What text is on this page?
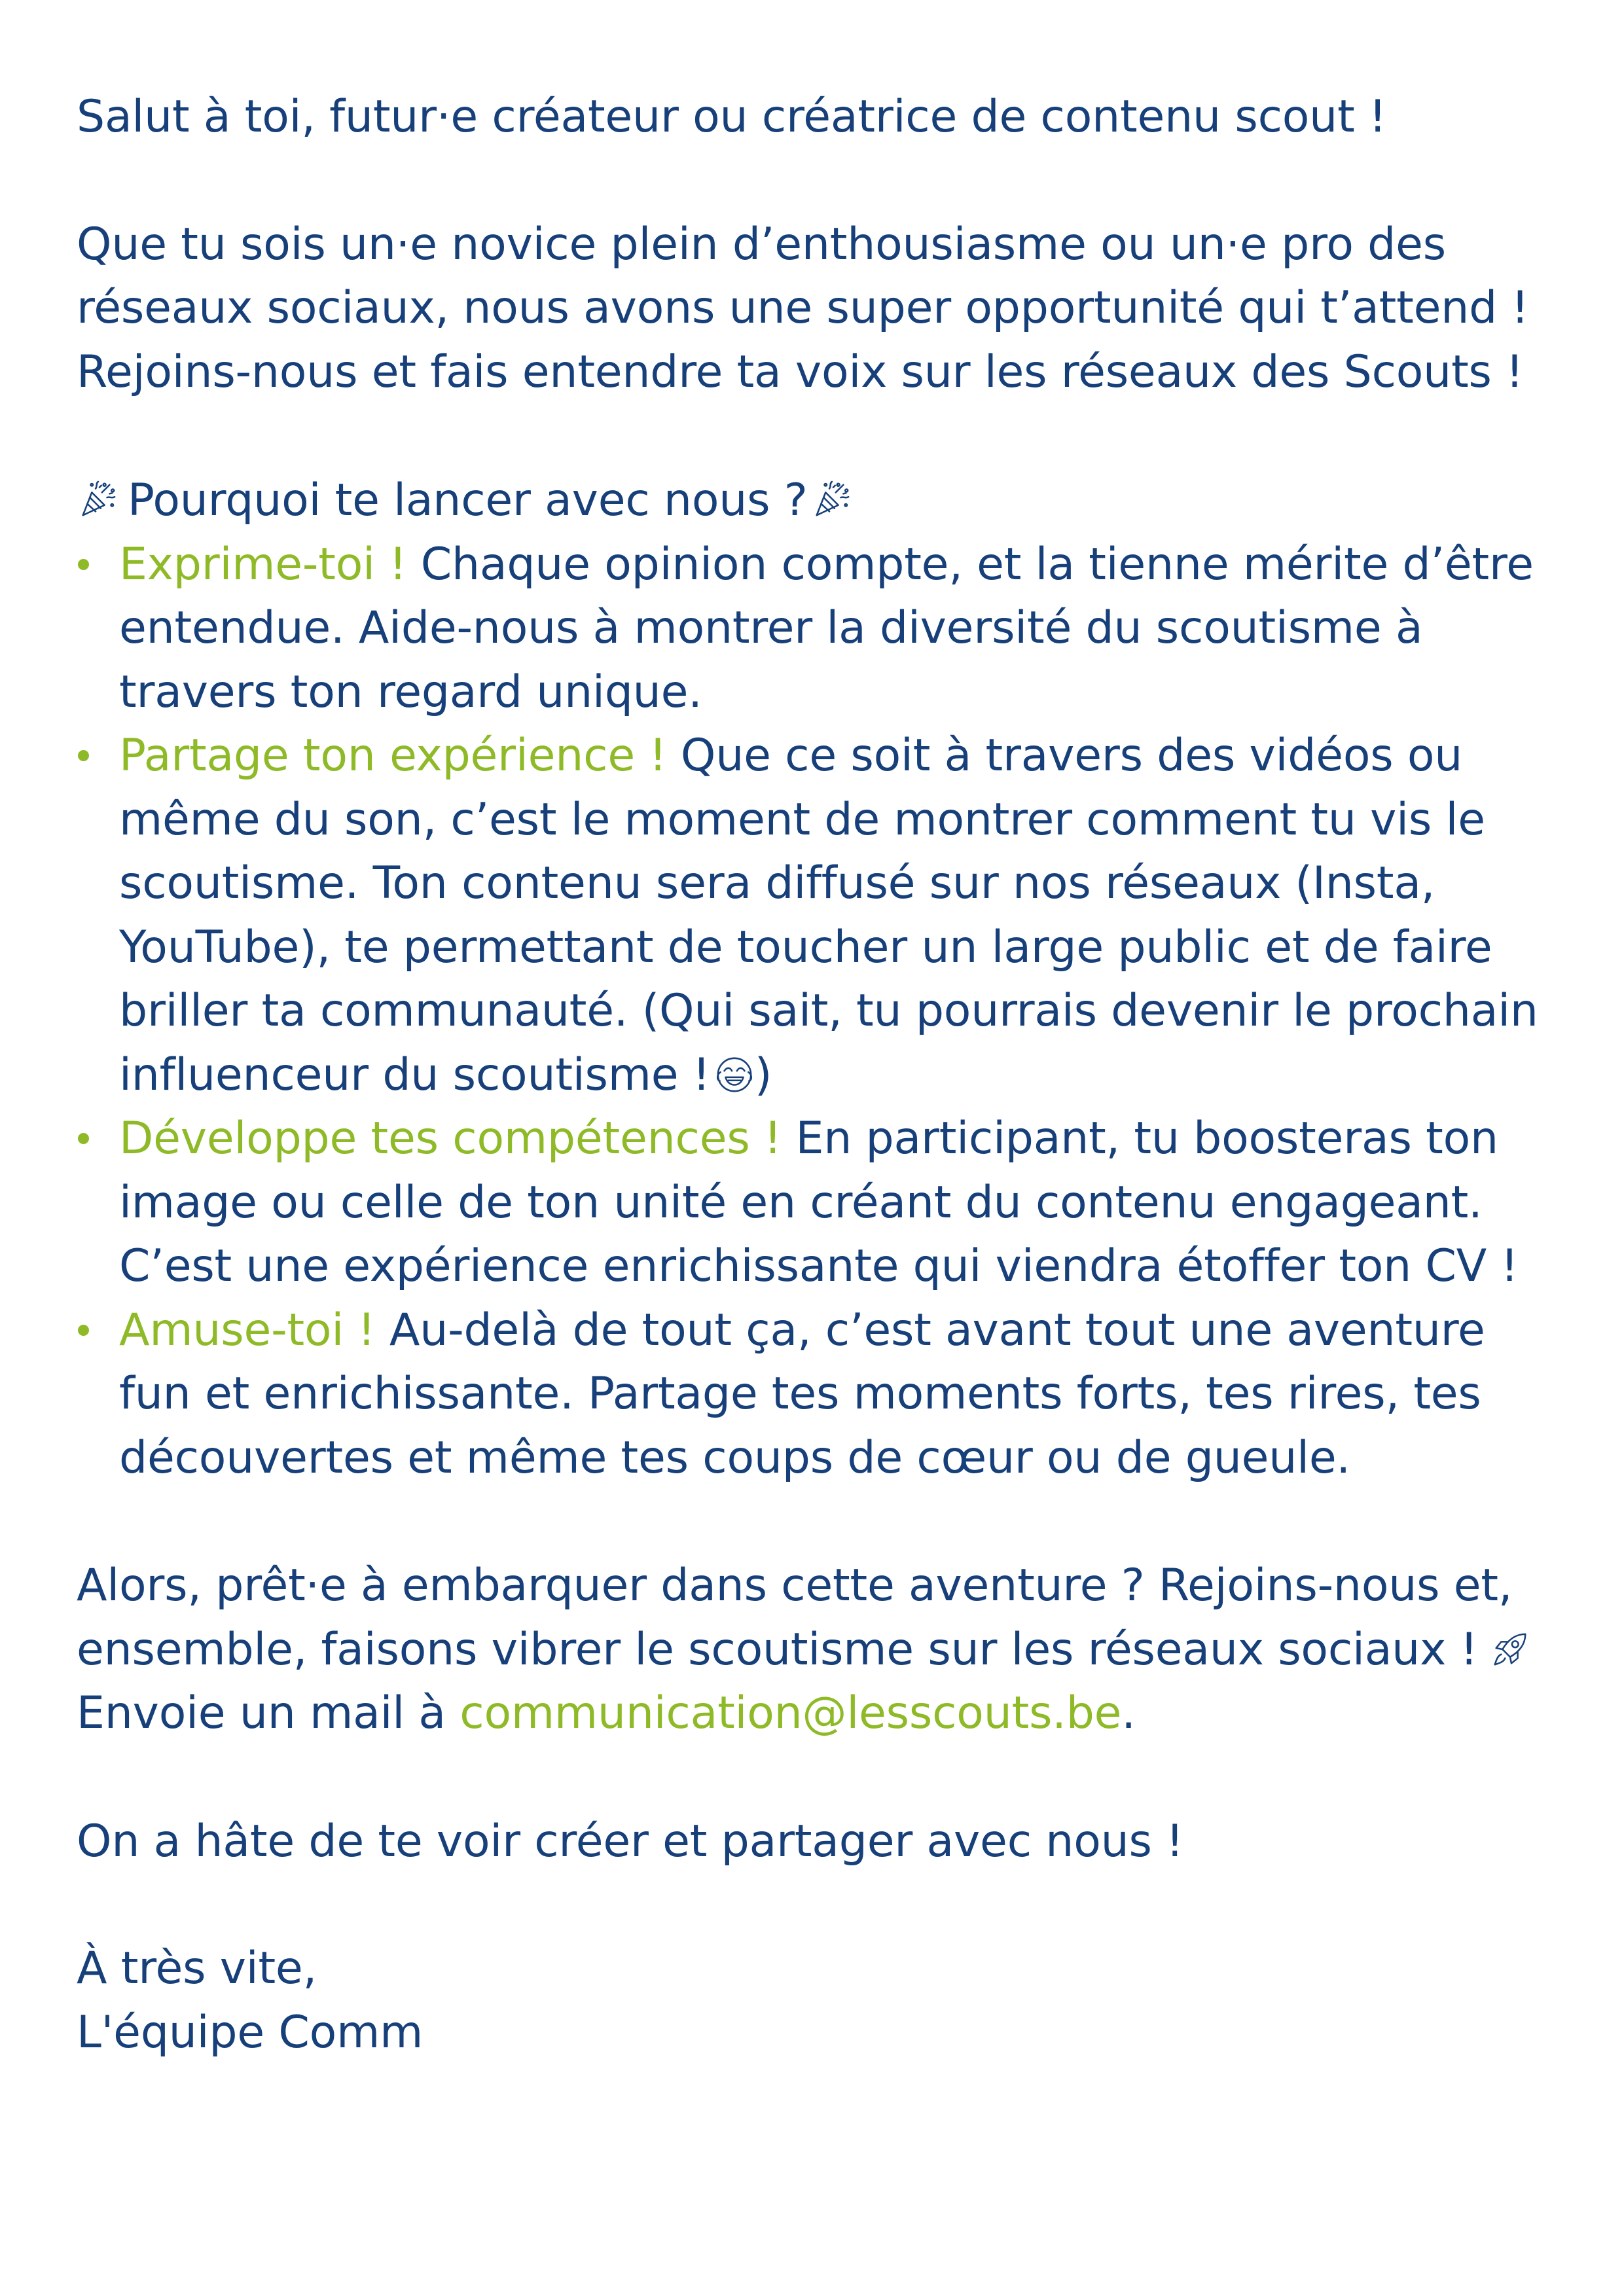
Salut à toi, futur·e créateur ou créatrice de contenu scout !

Que tu sois un·e novice plein d’enthousiasme ou un·e pro des réseaux sociaux, nous avons une super opportunité qui t’attend ! Rejoins-nous et fais entendre ta voix sur les réseaux des Scouts !

Pourquoi te lancer avec nous ?

Exprime-toi ! Chaque opinion compte, et la tienne mérite d’être entendue. Aide-nous à montrer la diversité du scoutisme à travers ton regard unique.
Partage ton expérience ! Que ce soit à travers des vidéos ou même du son, c’est le moment de montrer comment tu vis le scoutisme. Ton contenu sera diffusé sur nos réseaux (Insta, YouTube), te permettant de toucher un large public et de faire briller ta communauté. (Qui sait, tu pourrais devenir le prochain influenceur du scoutisme ! )
Développe tes compétences ! En participant, tu boosteras ton image ou celle de ton unité en créant du contenu engageant. C’est une expérience enrichissante qui viendra étoffer ton CV !
Amuse-toi ! Au-delà de tout ça, c’est avant tout une aventure fun et enrichissante. Partage tes moments forts, tes rires, tes découvertes et même tes coups de cœur ou de gueule.

Alors, prêt·e à embarquer dans cette aventure ? Rejoins-nous et, ensemble, faisons vibrer le scoutisme sur les réseaux sociaux !
Envoie un mail à communication@lesscouts.be.

On a hâte de te voir créer et partager avec nous !

À très vite,
L'équipe Comm
